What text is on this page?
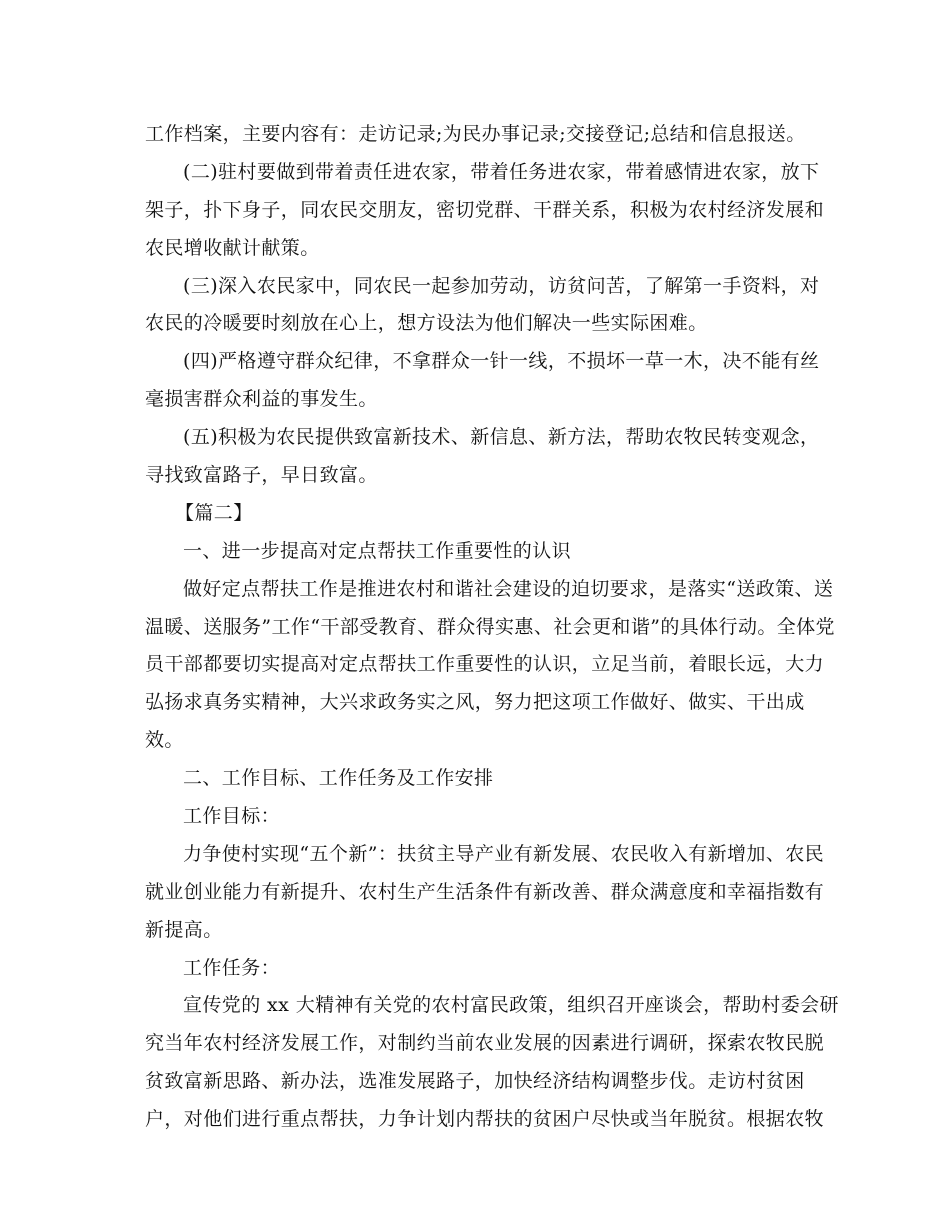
工作档案，主要内容有：走访记录;为民办事记录;交接登记;总结和信息报送。
(二)驻村要做到带着责任进农家，带着任务进农家，带着感情进农家，放下
架子，扑下身子，同农民交朋友，密切党群、干群关系，积极为农村经济发展和
农民增收献计献策。
(三)深入农民家中，同农民一起参加劳动，访贫问苦，了解第一手资料，对
农民的冷暖要时刻放在心上，想方设法为他们解决一些实际困难。
(四)严格遵守群众纪律，不拿群众一针一线，不损坏一草一木，决不能有丝
毫损害群众利益的事发生。
(五)积极为农民提供致富新技术、新信息、新方法，帮助农牧民转变观念，
寻找致富路子，早日致富。
【篇二】
一、进一步提高对定点帮扶工作重要性的认识
做好定点帮扶工作是推进农村和谐社会建设的迫切要求，是落实“送政策、送
温暖、送服务”工作“干部受教育、群众得实惠、社会更和谐”的具体行动。全体党
员干部都要切实提高对定点帮扶工作重要性的认识，立足当前，着眼长远，大力
弘扬求真务实精神，大兴求政务实之风，努力把这项工作做好、做实、干出成
效。
二、工作目标、工作任务及工作安排
工作目标：
力争使村实现“五个新”：扶贫主导产业有新发展、农民收入有新增加、农民
就业创业能力有新提升、农村生产生活条件有新改善、群众满意度和幸福指数有
新提高。
工作任务：
宣传党的 xx 大精神有关党的农村富民政策，组织召开座谈会，帮助村委会研
究当年农村经济发展工作，对制约当前农业发展的因素进行调研，探索农牧民脱
贫致富新思路、新办法，选准发展路子，加快经济结构调整步伐。走访村贫困
户，对他们进行重点帮扶，力争计划内帮扶的贫困户尽快或当年脱贫。根据农牧
